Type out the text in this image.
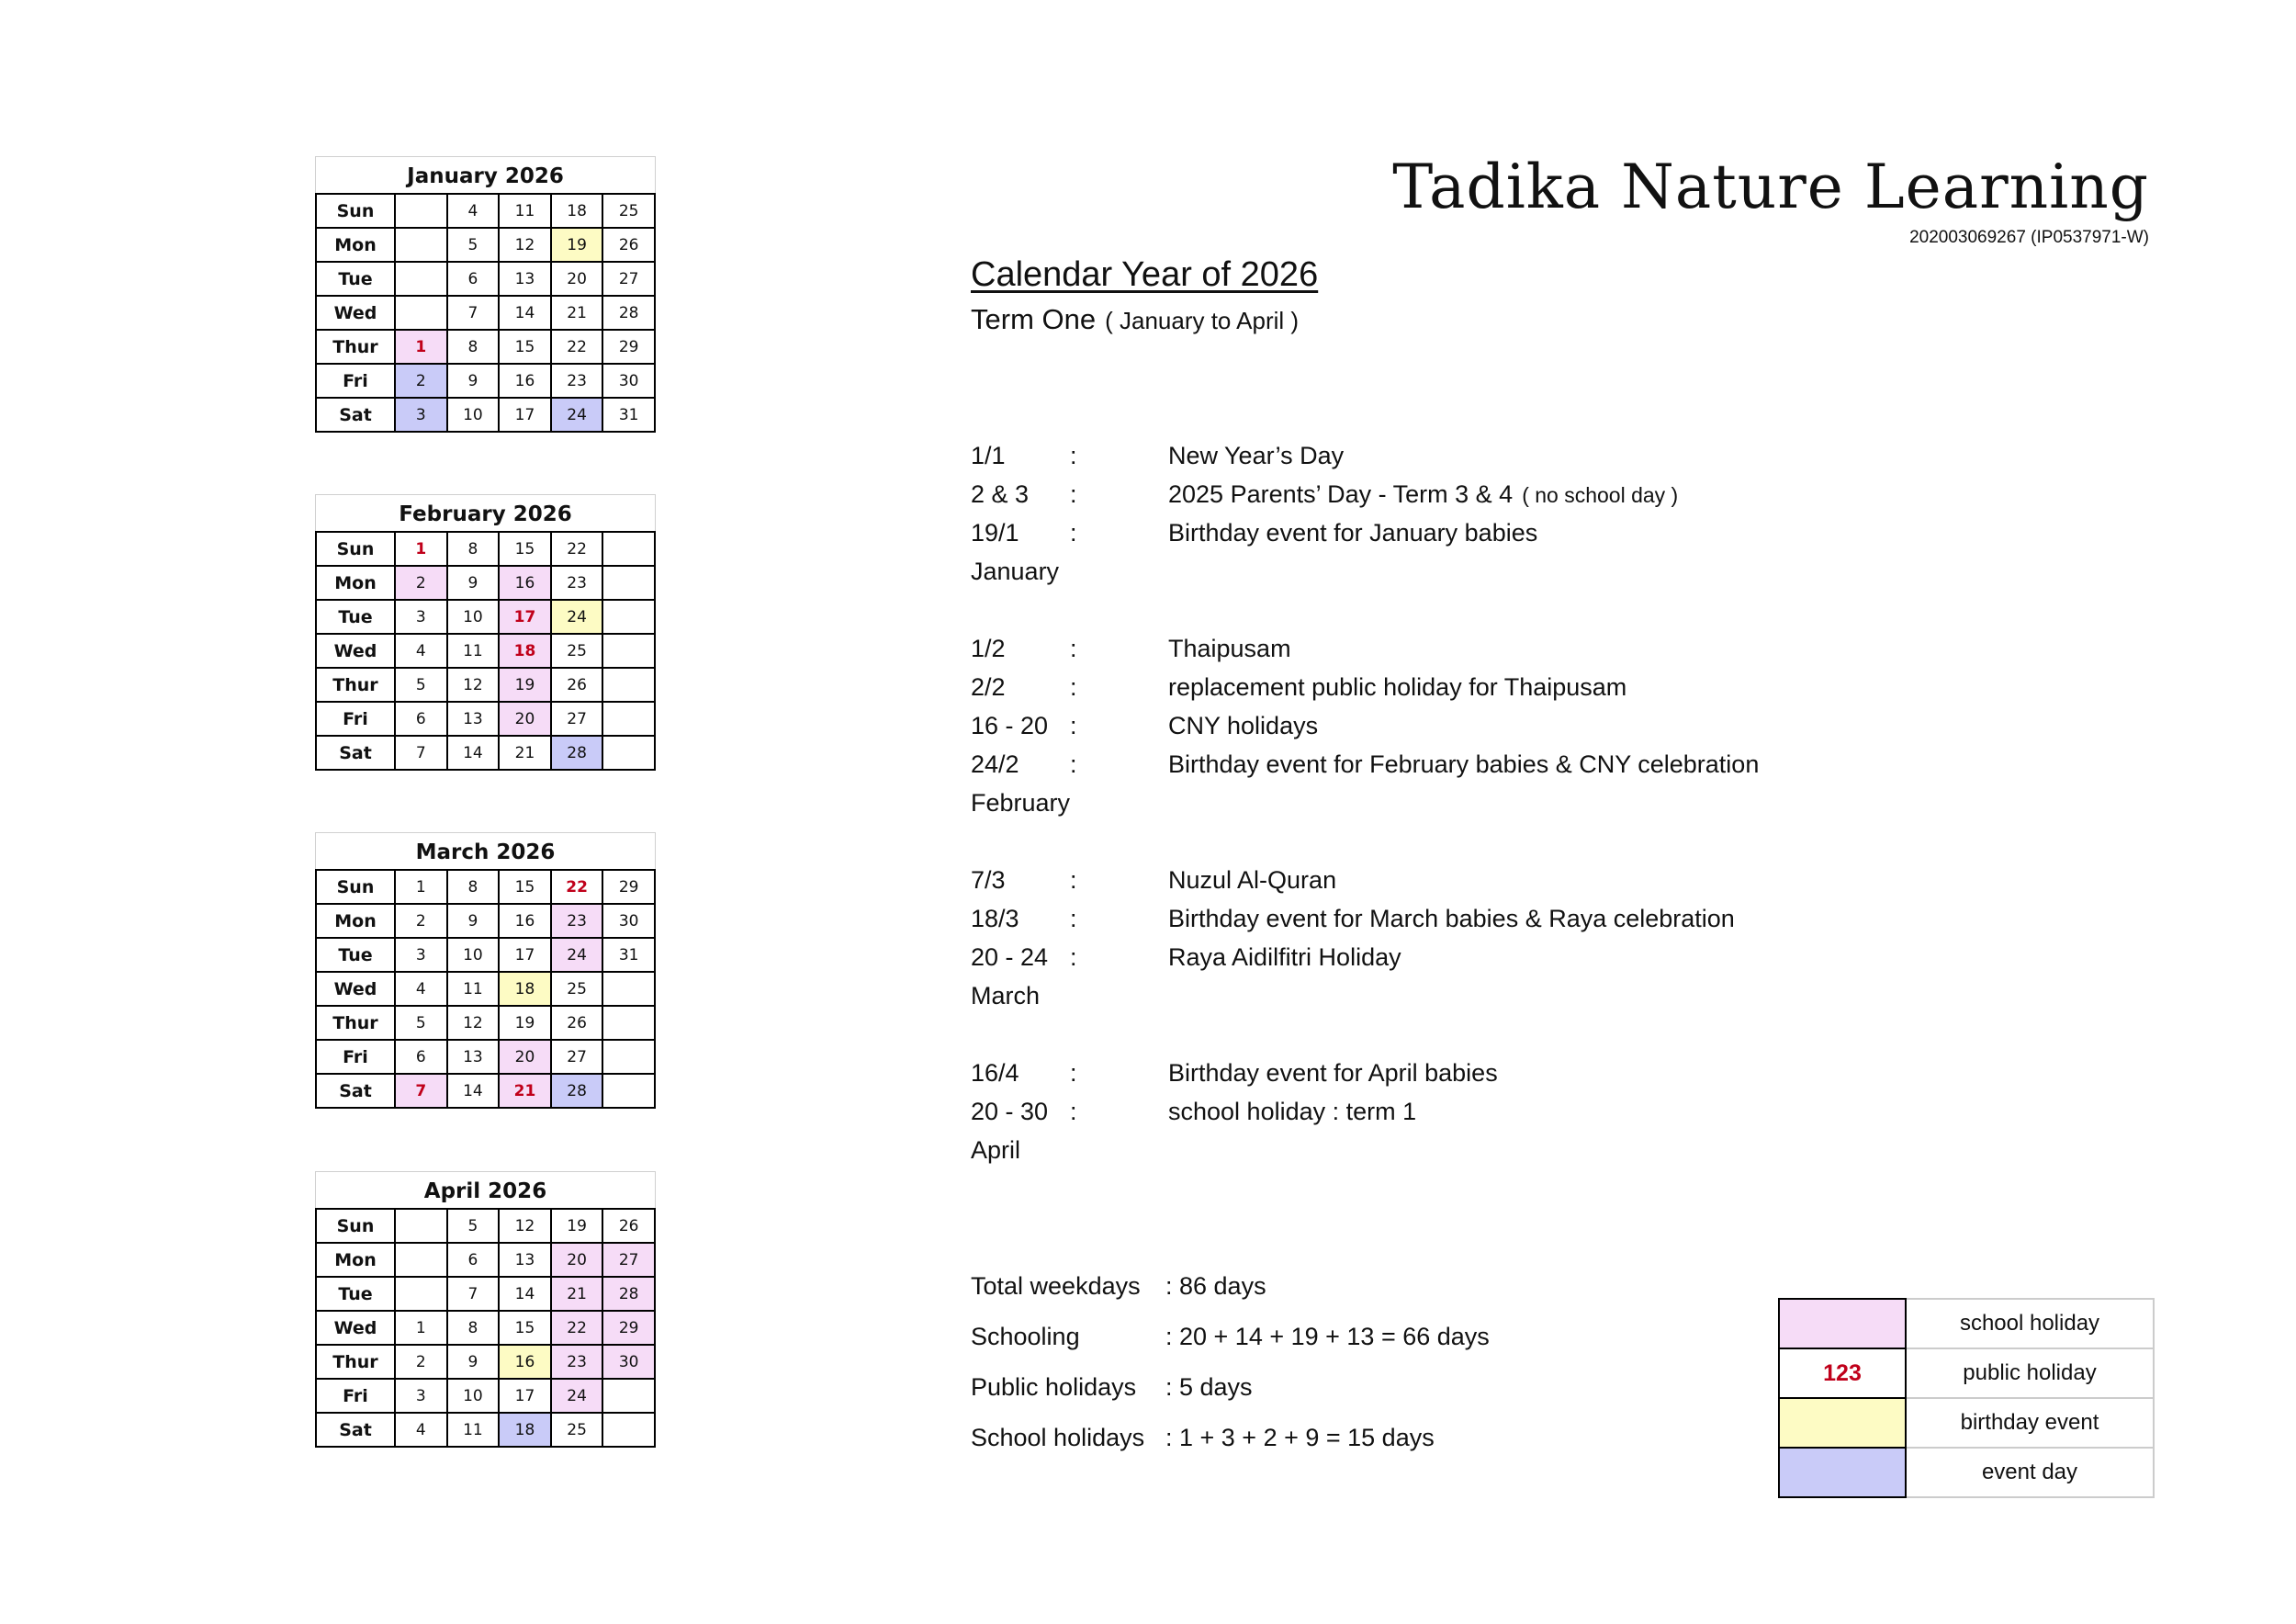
Tadika Nature Learning
202003069267 (IP0537971-W)
Calendar Year of 2026
Term One ( January to April )
January 2026
Sun		4	11	18	25
Mon		5	12	19	26
Tue		6	13	20	27
Wed		7	14	21	28
Thur	1	8	15	22	29
Fri	2	9	16	23	30
Sat	3	10	17	24	31
February 2026
Sun	1	8	15	22	
Mon	2	9	16	23	
Tue	3	10	17	24	
Wed	4	11	18	25	
Thur	5	12	19	26	
Fri	6	13	20	27	
Sat	7	14	21	28	
March 2026
Sun	1	8	15	22	29
Mon	2	9	16	23	30
Tue	3	10	17	24	31
Wed	4	11	18	25	
Thur	5	12	19	26	
Fri	6	13	20	27	
Sat	7	14	21	28	
April 2026
Sun		5	12	19	26
Mon		6	13	20	27
Tue		7	14	21	28
Wed	1	8	15	22	29
Thur	2	9	16	23	30
Fri	3	10	17	24	
Sat	4	11	18	25	
1/1	:	New Year’s Day
2 & 3 :	2025 Parents’ Day - Term 3 & 4 ( no school day )
19/1 :	Birthday event for January babies
January
1/2	:	Thaipusam
2/2	:	replacement public holiday for Thaipusam
16 - 20 :	CNY holidays
24/2 :	Birthday event for February babies & CNY celebration
February
7/3	:	Nuzul Al-Quran
18/3 :	Birthday event for March babies & Raya celebration
20 - 24 :	Raya Aidilfitri Holiday
March
16/4 :	Birthday event for April babies
20 - 30 :	school holiday : term 1
April
Total weekdays : 86 days
Schooling	: 20 + 14 + 19 + 13 = 66 days
Public holidays : 5 days
School holidays : 1 + 3 + 2 + 9 = 15 days
	school holiday
123	public holiday
	birthday event
	event day
